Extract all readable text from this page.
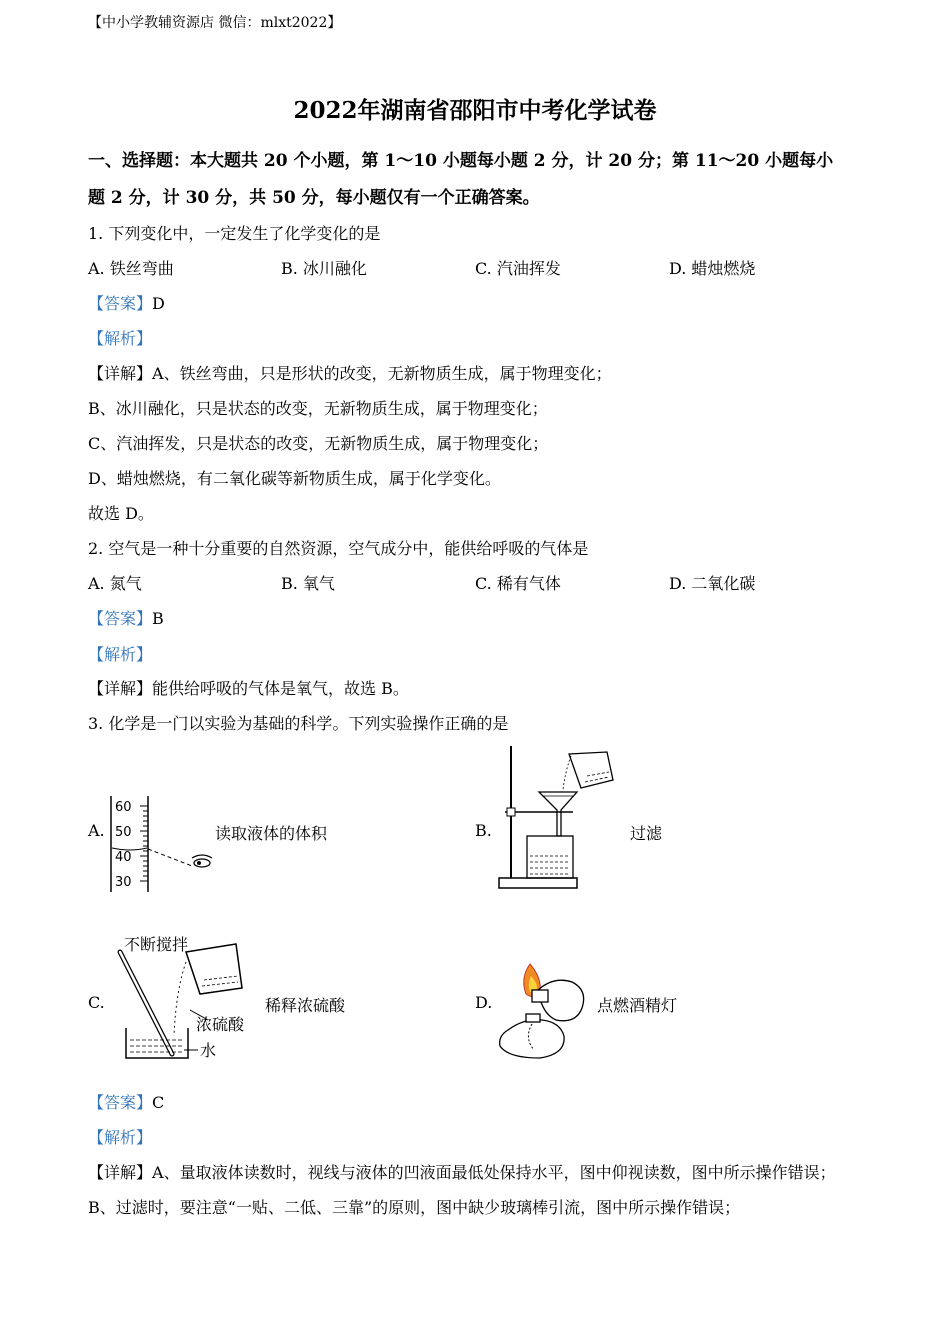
【中小学教辅资源店 微信：mlxt2022】
2022年湖南省邵阳市中考化学试卷
一、选择题：本大题共 20 个小题，第 1～10 小题每小题 2 分，计 20 分；第 11～20 小题每小
题 2 分，计 30 分，共 50 分，每小题仅有一个正确答案。
1. 下列变化中，一定发生了化学变化的是
A. 铁丝弯曲	B. 冰川融化	C. 汽油挥发	D. 蜡烛燃烧
【答案】D
【解析】
【详解】A、铁丝弯曲，只是形状的改变，无新物质生成，属于物理变化；
B、冰川融化，只是状态的改变，无新物质生成，属于物理变化；
C、汽油挥发，只是状态的改变，无新物质生成，属于物理变化；
D、蜡烛燃烧，有二氧化碳等新物质生成，属于化学变化。
故选 D。
2. 空气是一种十分重要的自然资源，空气成分中，能供给呼吸的气体是
A. 氮气	B. 氧气	C. 稀有气体	D. 二氧化碳
【答案】B
【解析】
【详解】能供给呼吸的气体是氧气，故选 B。
3. 化学是一门以实验为基础的科学。下列实验操作正确的是
A.
60
50
40
30
读取液体的体积	B.	过滤
C.
不断搅拌
浓硫酸
水
稀释浓硫酸	D.	点燃酒精灯
【答案】C
【解析】
【详解】A、量取液体读数时，视线与液体的凹液面最低处保持水平，图中仰视读数，图中所示操作错误；
B、过滤时，要注意“一贴、二低、三靠”的原则，图中缺少玻璃棒引流，图中所示操作错误；
